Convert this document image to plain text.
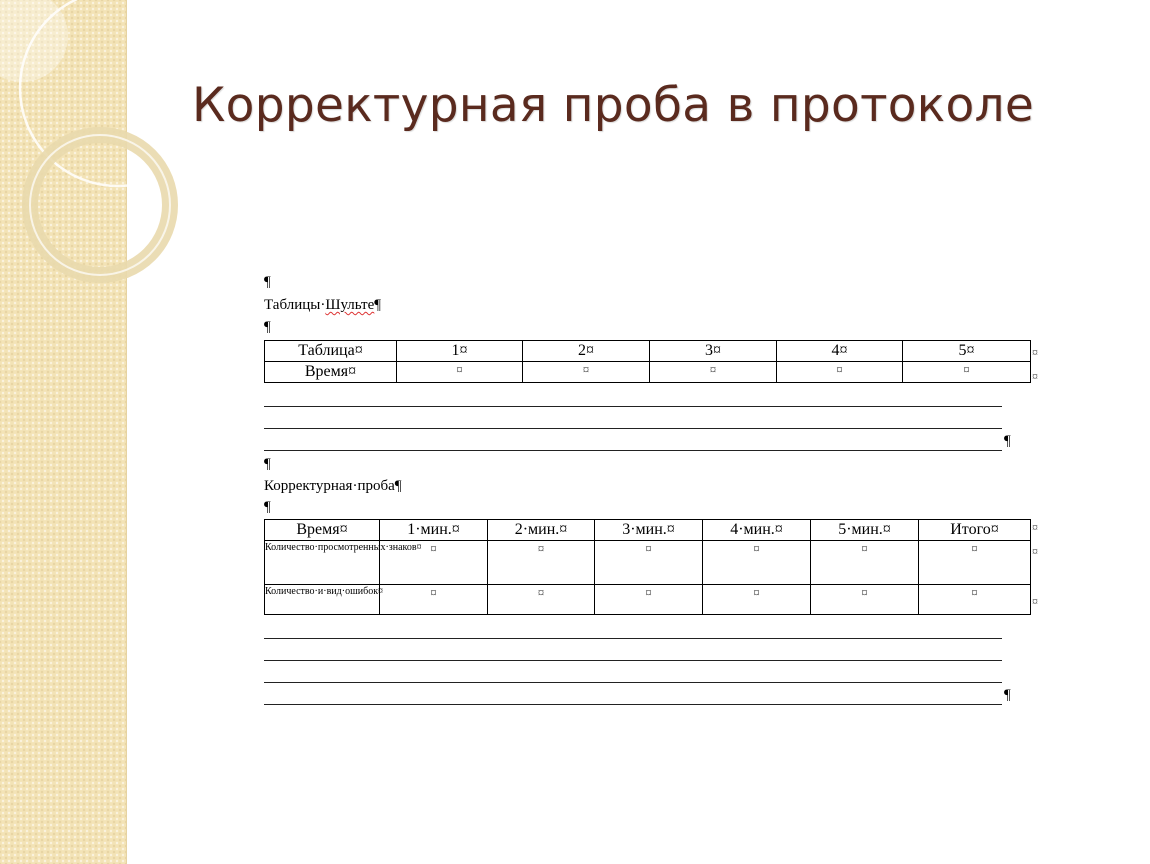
Корректурная проба в протоколе
¶
Таблицы·Шульте¶
¶
Таблица¤	1¤	2¤	3¤	4¤	5¤
Время¤	¤	¤	¤	¤	¤
¤
¤
¶
¶
Корректурная·проба¶
¶
Время¤	1·мин.¤	2·мин.¤	3·мин.¤	4·мин.¤	5·мин.¤	Итого¤
Количество·просмотренных·знаков¤	¤	¤	¤	¤	¤	¤
Количество·и·вид·ошибок¤	¤	¤	¤	¤	¤	¤
¤
¤
¤
¶
